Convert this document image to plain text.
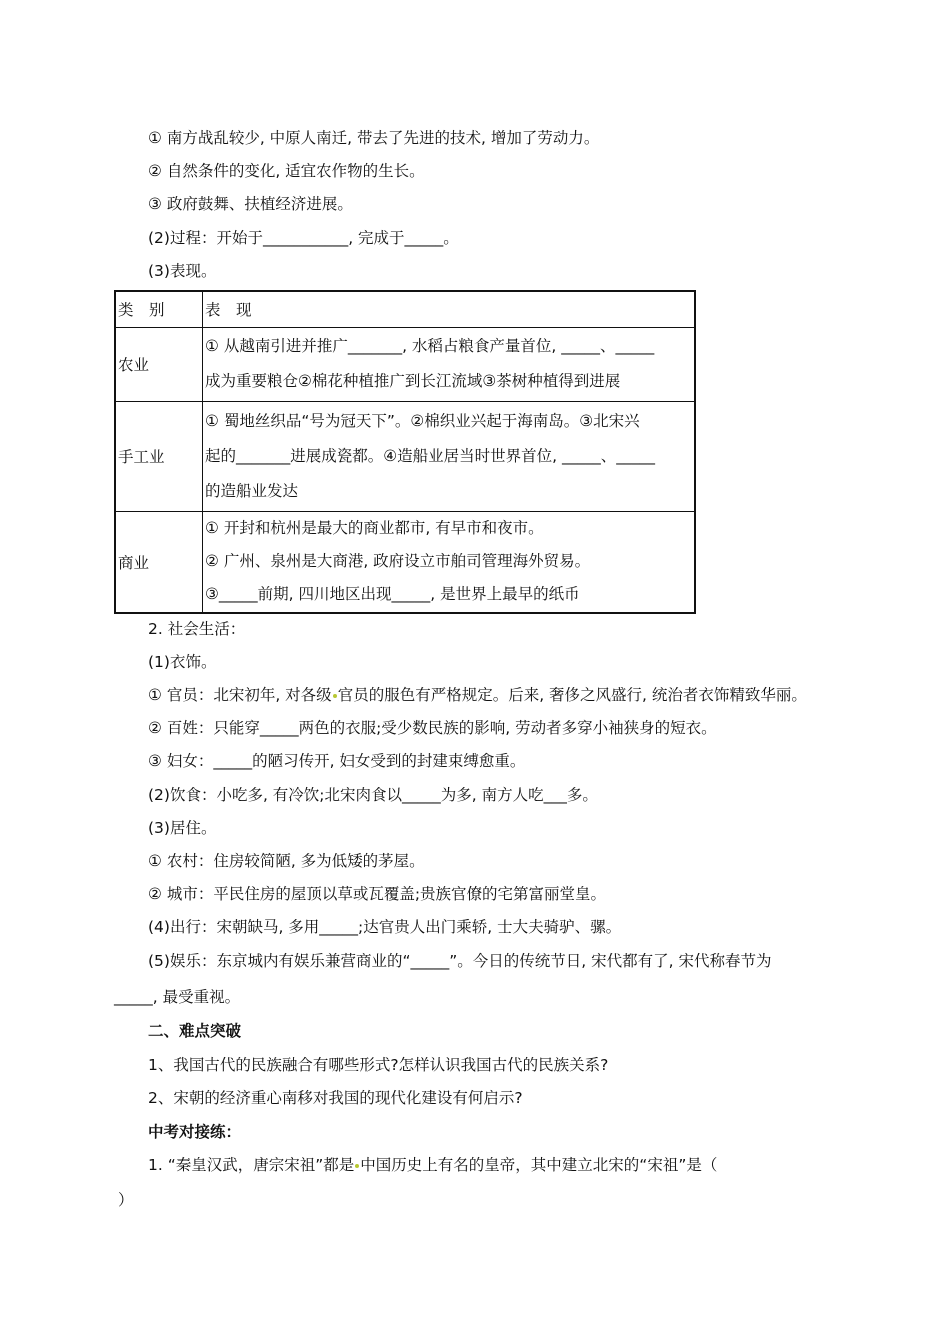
① 南方战乱较少, 中原人南迁, 带去了先进的技术, 增加了劳动力。
② 自然条件的变化, 适宜农作物的生长。
③ 政府鼓舞、扶植经济进展。
(2)过程：开始于___________, 完成于_____。
(3)表现。
类　别	表　现
农业	① 从越南引进并推广_______, 水稻占粮食产量首位, _____、_____

成为重要粮仓②棉花种植推广到长江流域③茶树种植得到进展

手工业	① 蜀地丝织品“号为冠天下”。②棉织业兴起于海南岛。③北宋兴

起的_______进展成瓷都。④造船业居当时世界首位, _____、_____

的造船业发达

商业	① 开封和杭州是最大的商业都市, 有早市和夜市。

② 广州、泉州是大商港, 政府设立市舶司管理海外贸易。

③_____前期, 四川地区出现_____, 是世界上最早的纸币

2. 社会生活：
(1)衣饰。
① 官员：北宋初年, 对各级 官员的服色有严格规定。后来, 奢侈之风盛行, 统治者衣饰精致华丽。
② 百姓：只能穿_____两色的衣服;受少数民族的影响, 劳动者多穿小袖狭身的短衣。
③ 妇女：_____的陋习传开, 妇女受到的封建束缚愈重。
(2)饮食：小吃多, 有冷饮;北宋肉食以_____为多, 南方人吃___多。
(3)居住。
① 农村：住房较简陋, 多为低矮的茅屋。
② 城市：平民住房的屋顶以草或瓦覆盖;贵族官僚的宅第富丽堂皇。
(4)出行：宋朝缺马, 多用_____;达官贵人出门乘轿, 士大夫骑驴、骡。
(5)娱乐：东京城内有娱乐兼营商业的“_____”。今日的传统节日, 宋代都有了, 宋代称春节为
_____, 最受重视。
二、难点突破
1、我国古代的民族融合有哪些形式?怎样认识我国古代的民族关系?
2、宋朝的经济重心南移对我国的现代化建设有何启示?
中考对接练：
1. “秦皇汉武，唐宗宋祖”都是 中国历史上有名的皇帝，其中建立北宋的“宋祖”是（
）
